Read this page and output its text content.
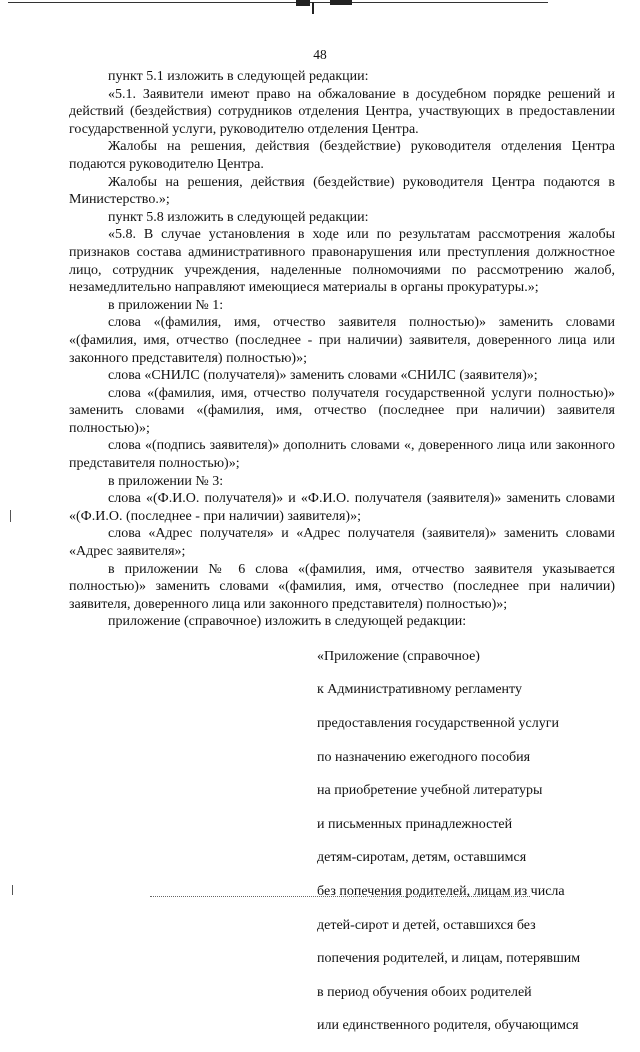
48

пункт 5.1 изложить в следующей редакции:

«5.1. Заявители имеют право на обжалование в досудебном порядке решений и действий (бездействия) сотрудников отделения Центра, участвующих в предоставлении государственной услуги, руководителю отделения Центра.

Жалобы на решения, действия (бездействие) руководителя отделения Центра подаются руководителю Центра.

Жалобы на решения, действия (бездействие) руководителя Центра подаются в Министерство.»;

пункт 5.8 изложить в следующей редакции:

«5.8. В случае установления в ходе или по результатам рассмотрения жалобы признаков состава административного правонарушения или преступления должностное лицо, сотрудник учреждения, наделенные полномочиями по рассмотрению жалоб, незамедлительно направляют имеющиеся материалы в органы прокуратуры.»;

в приложении № 1:

слова «(фамилия, имя, отчество заявителя полностью)» заменить словами «(фамилия, имя, отчество (последнее - при наличии) заявителя, доверенного лица или законного представителя) полностью)»;

слова «СНИЛС (получателя)» заменить словами «СНИЛС (заявителя)»;

слова «(фамилия, имя, отчество получателя государственной услуги полностью)» заменить словами «(фамилия, имя, отчество (последнее при наличии) заявителя полностью)»;

слова «(подпись заявителя)» дополнить словами «, доверенного лица или законного представителя полностью)»;

в приложении № 3:

слова «(Ф.И.О. получателя)» и «Ф.И.О. получателя (заявителя)» заменить словами «(Ф.И.О. (последнее - при наличии) заявителя)»;

слова «Адрес получателя» и «Адрес получателя (заявителя)» заменить словами «Адрес заявителя»;

в приложении № 6 слова «(фамилия, имя, отчество заявителя указывается полностью)» заменить словами «(фамилия, имя, отчество (последнее при наличии) заявителя, доверенного лица или законного представителя) полностью)»;

приложение (справочное) изложить в следующей редакции:

«Приложение (справочное)

к Административному регламенту

предоставления государственной услуги

по назначению ежегодного пособия

на приобретение учебной литературы

и письменных принадлежностей

детям-сиротам, детям, оставшимся

без попечения родителей, лицам из числа

детей-сирот и детей, оставшихся без

попечения родителей, и лицам, потерявшим

в период обучения обоих родителей

или единственного родителя, обучающимся
